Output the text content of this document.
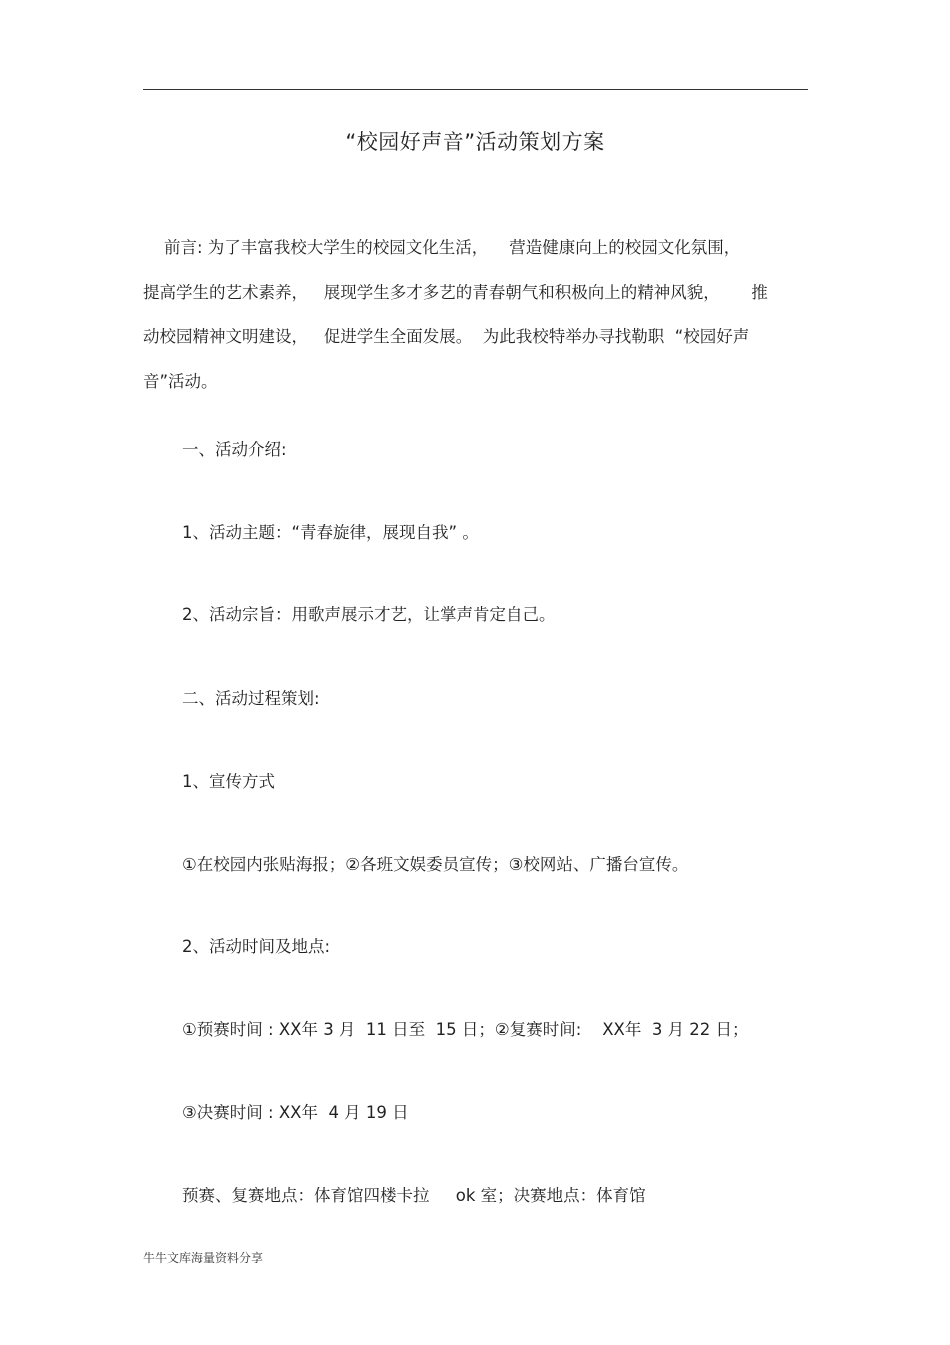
“校园好声音”活动策划方案
前言: 为了丰富我校大学生的校园文化生活，    营造健康向上的校园文化氛围，
提高学生的艺术素养，   展现学生多才多艺的青春朝气和积极向上的精神风貌，      推
动校园精神文明建设，   促进学生全面发展。  为此我校特举办寻找勒职  “校园好声
音”活动。
一、活动介绍:
1、活动主题：“青春旋律，展现自我” 。
2、活动宗旨：用歌声展示才艺，让掌声肯定自己。
二、活动过程策划:
1、宣传方式
①在校园内张贴海报；②各班文娱委员宣传；③校网站、广播台宣传。
2、活动时间及地点:
①预赛时间 : XX年 3 月  11 日至  15 日；②复赛时间:    XX年  3 月 22 日；
③决赛时间 : XX年  4 月 19 日
预赛、复赛地点：体育馆四楼卡拉     ok 室；决赛地点：体育馆
牛牛文库海量资料分享
